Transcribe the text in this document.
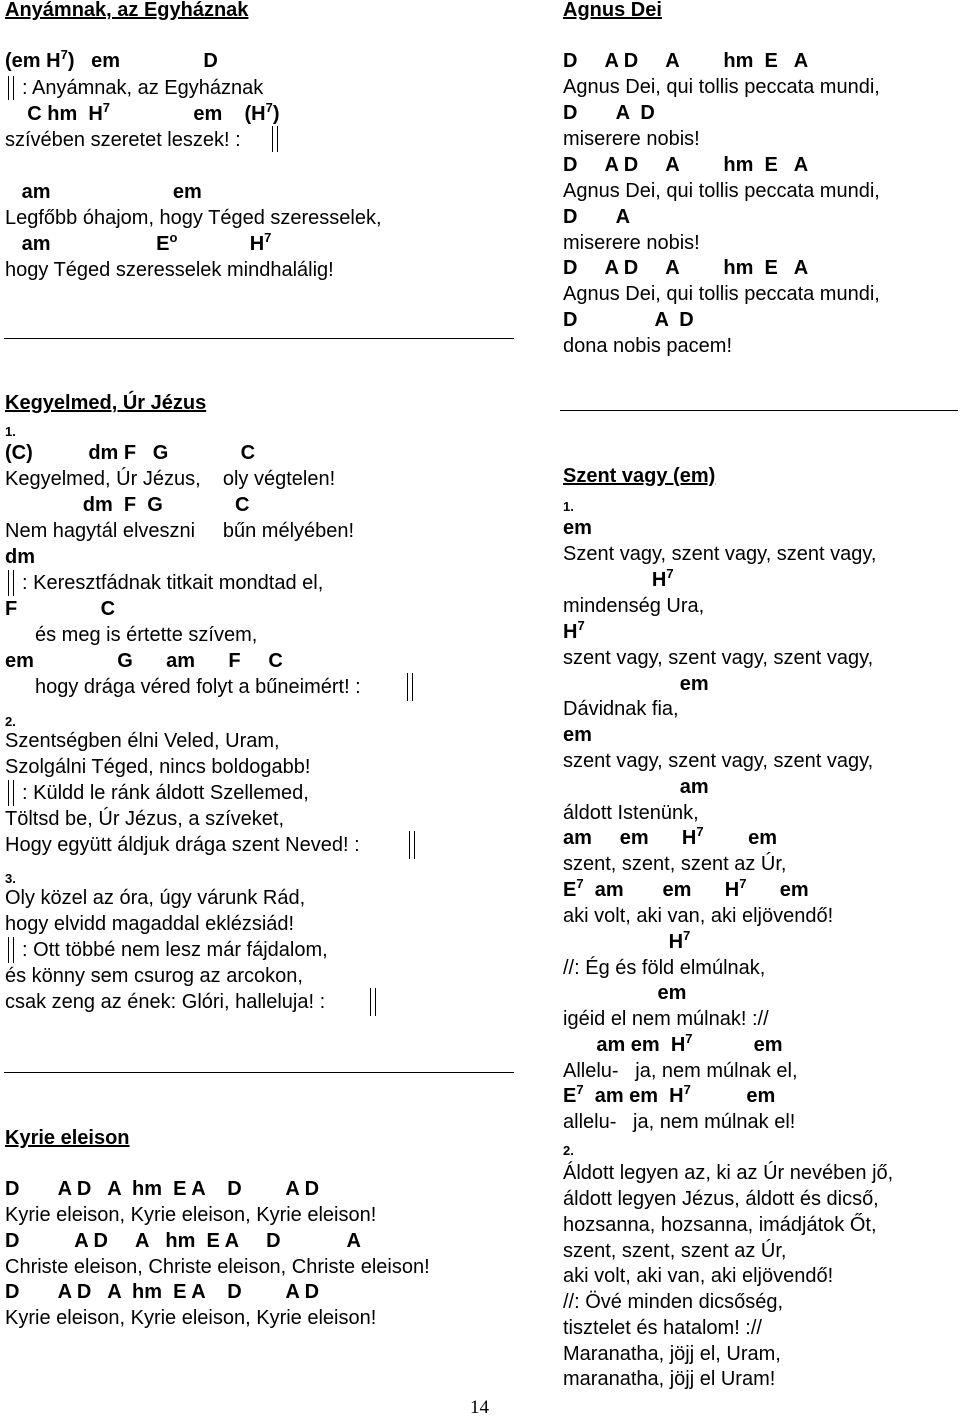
Anyámnak, az Egyháznak
(em $H^7$)   em               D
: Anyámnak, az Egyháznak
C hm  $H^7$               em    $(H^7)$
szívében szeretet leszek! :
am                      em
Legfőbb óhajom, hogy Téged szeresselek,
am                   $E^o$             $H^7$
hogy Téged szeresselek mindhalálig!
Kegyelmed, Úr Jézus
1.
(C)          dm F   G             C
Kegyelmed, Úr Jézus,    oly végtelen!
dm  F  G             C
Nem hagytál elveszni     bűn mélyében!
dm
: Keresztfádnak titkait mondtad el,
F               C
és meg is értette szívem,
em               G      am      F     C
hogy drága véred folyt a bűneimért! :
2.
Szentségben élni Veled, Uram,
Szolgálni Téged, nincs boldogabb!
: Küldd le ránk áldott Szellemed,
Töltsd be, Úr Jézus, a szíveket,
Hogy együtt áldjuk drága szent Neved! :
3.
Oly közel az óra, úgy várunk Rád,
hogy elvidd magaddal eklézsiád!
: Ott többé nem lesz már fájdalom,
és könny sem csurog az arcokon,
csak zeng az ének: Glóri, halleluja! :
Kyrie eleison
D       A D   A  hm  E A    D        A D
Kyrie eleison, Kyrie eleison, Kyrie eleison!
D          A D     A   hm  E A     D            A
Christe eleison, Christe eleison, Christe eleison!
D       A D   A  hm  E A    D        A D
Kyrie eleison, Kyrie eleison, Kyrie eleison!
Agnus Dei
D     A D     A        hm  E   A
Agnus Dei, qui tollis peccata mundi,
D       A  D
miserere nobis!
D     A D     A        hm  E   A
Agnus Dei, qui tollis peccata mundi,
D       A
miserere nobis!
D     A D     A        hm  E   A
Agnus Dei, qui tollis peccata mundi,
D              A  D
dona nobis pacem!
Szent vagy (em)
1.
em
Szent vagy, szent vagy, szent vagy,
$H^7$
mindenség Ura,
$H^7$
szent vagy, szent vagy, szent vagy,
em
Dávidnak fia,
em
szent vagy, szent vagy, szent vagy,
am
áldott Istenünk,
am     em      $H^7$        em
szent, szent, szent az Úr,
$E^7$  am       em      $H^7$      em
aki volt, aki van, aki eljövendő!
$H^7$
//: Ég és föld elmúlnak,
em
igéid el nem múlnak! ://
am em  $H^7$           em
Allelu-   ja, nem múlnak el,
$E^7$  am em  $H^7$          em
allelu-   ja, nem múlnak el!
2.
Áldott legyen az, ki az Úr nevében jő,
áldott legyen Jézus, áldott és dicső,
hozsanna, hozsanna, imádjátok Őt,
szent, szent, szent az Úr,
aki volt, aki van, aki eljövendő!
//: Övé minden dicsőség,
tisztelet és hatalom! ://
Maranatha, jöjj el, Uram,
maranatha, jöjj el Uram!
14
